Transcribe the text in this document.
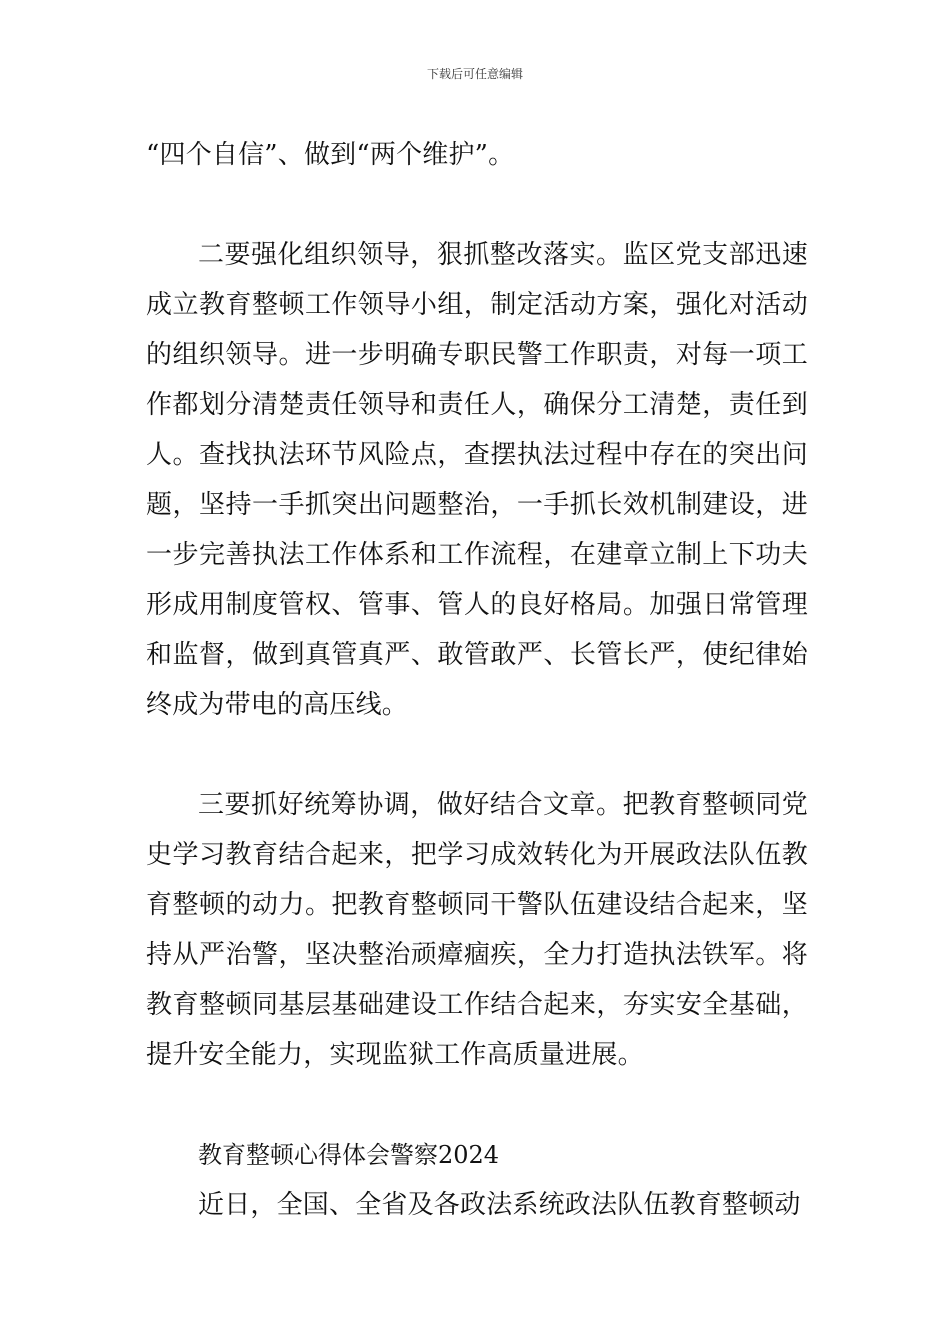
下载后可任意编辑

“四个自信”、做到“两个维护”。

二要强化组织领导，狠抓整改落实。监区党支部迅速成立教育整顿工作领导小组，制定活动方案，强化对活动的组织领导。进一步明确专职民警工作职责，对每一项工作都划分清楚责任领导和责任人，确保分工清楚，责任到人。查找执法环节风险点，查摆执法过程中存在的突出问题，坚持一手抓突出问题整治，一手抓长效机制建设，进一步完善执法工作体系和工作流程，在建章立制上下功夫形成用制度管权、管事、管人的良好格局。加强日常管理和监督，做到真管真严、敢管敢严、长管长严，使纪律始终成为带电的高压线。

三要抓好统筹协调，做好结合文章。把教育整顿同党史学习教育结合起来，把学习成效转化为开展政法队伍教育整顿的动力。把教育整顿同干警队伍建设结合起来，坚持从严治警，坚决整治顽瘴痼疾，全力打造执法铁军。将教育整顿同基层基础建设工作结合起来，夯实安全基础，提升安全能力，实现监狱工作高质量进展。

教育整顿心得体会警察2024

近日，全国、全省及各政法系统政法队伍教育整顿动
